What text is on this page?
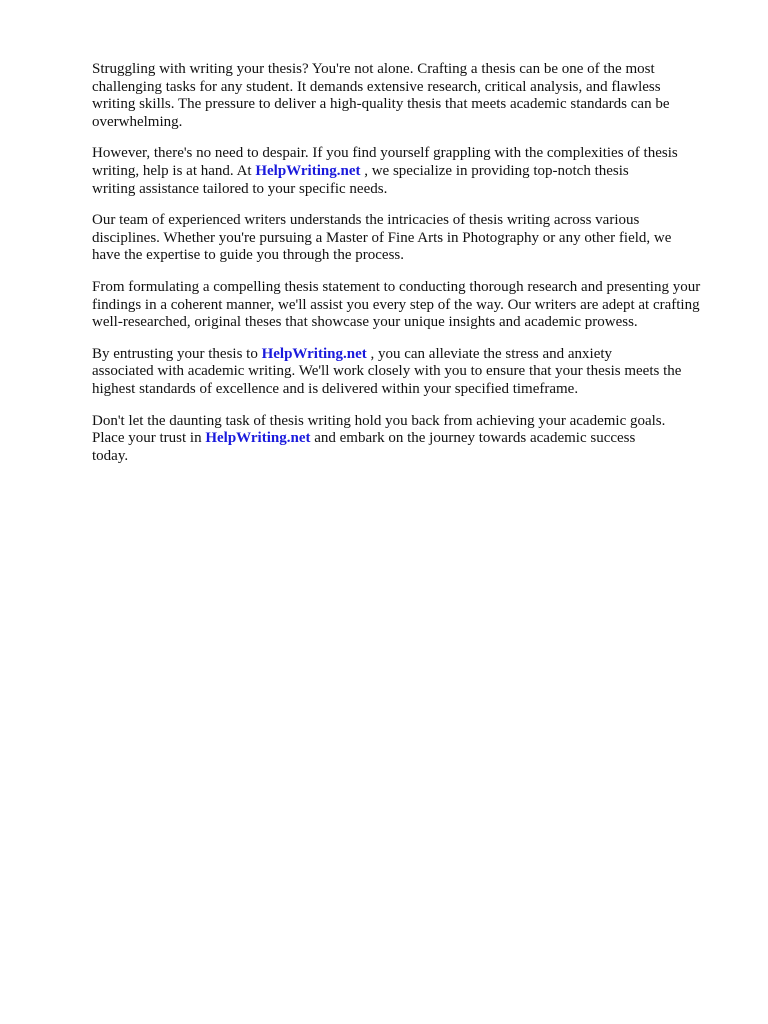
Struggling with writing your thesis? You're not alone. Crafting a thesis can be one of the most
challenging tasks for any student. It demands extensive research, critical analysis, and flawless
writing skills. The pressure to deliver a high-quality thesis that meets academic standards can be
overwhelming.

However, there's no need to despair. If you find yourself grappling with the complexities of thesis
writing, help is at hand. At HelpWriting.net , we specialize in providing top-notch thesis
writing assistance tailored to your specific needs.

Our team of experienced writers understands the intricacies of thesis writing across various
disciplines. Whether you're pursuing a Master of Fine Arts in Photography or any other field, we
have the expertise to guide you through the process.

From formulating a compelling thesis statement to conducting thorough research and presenting your
findings in a coherent manner, we'll assist you every step of the way. Our writers are adept at crafting
well-researched, original theses that showcase your unique insights and academic prowess.

By entrusting your thesis to HelpWriting.net , you can alleviate the stress and anxiety
associated with academic writing. We'll work closely with you to ensure that your thesis meets the
highest standards of excellence and is delivered within your specified timeframe.

Don't let the daunting task of thesis writing hold you back from achieving your academic goals.
Place your trust in HelpWriting.net and embark on the journey towards academic success
today.
